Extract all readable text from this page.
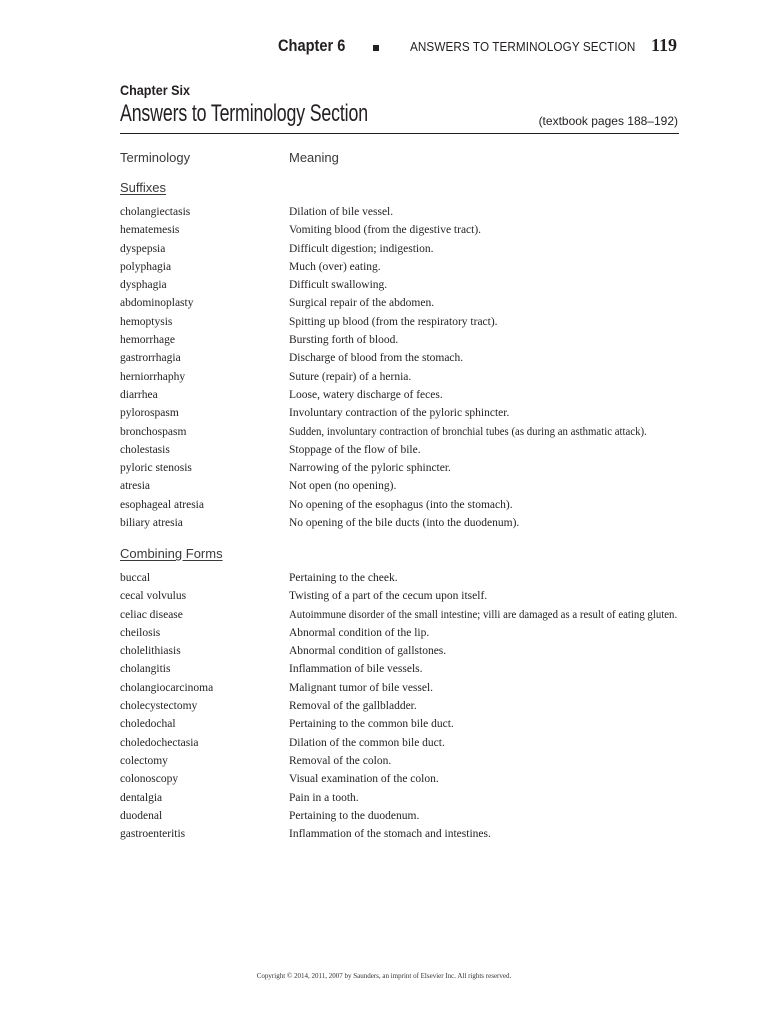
Chapter 6	ANSWERS TO TERMINOLOGY SECTION 119
Chapter Six
Answers to Terminology Section	(textbook pages 188–192)
Terminology	Meaning
Suffixes
cholangiectasis	Dilation of bile vessel.
hematemesis	Vomiting blood (from the digestive tract).
dyspepsia	Difficult digestion; indigestion.
polyphagia	Much (over) eating.
dysphagia	Difficult swallowing.
abdominoplasty	Surgical repair of the abdomen.
hemoptysis	Spitting up blood (from the respiratory tract).
hemorrhage	Bursting forth of blood.
gastrorrhagia	Discharge of blood from the stomach.
herniorrhaphy	Suture (repair) of a hernia.
diarrhea	Loose, watery discharge of feces.
pylorospasm	Involuntary contraction of the pyloric sphincter.
bronchospasm	Sudden, involuntary contraction of bronchial tubes (as during an asthmatic attack).
cholestasis	Stoppage of the flow of bile.
pyloric stenosis	Narrowing of the pyloric sphincter.
atresia	Not open (no opening).
esophageal atresia	No opening of the esophagus (into the stomach).
biliary atresia	No opening of the bile ducts (into the duodenum).
Combining Forms
buccal	Pertaining to the cheek.
cecal volvulus	Twisting of a part of the cecum upon itself.
celiac disease	Autoimmune disorder of the small intestine; villi are damaged as a result of eating gluten.
cheilosis	Abnormal condition of the lip.
cholelithiasis	Abnormal condition of gallstones.
cholangitis	Inflammation of bile vessels.
cholangiocarcinoma	Malignant tumor of bile vessel.
cholecystectomy	Removal of the gallbladder.
choledochal	Pertaining to the common bile duct.
choledochectasia	Dilation of the common bile duct.
colectomy	Removal of the colon.
colonoscopy	Visual examination of the colon.
dentalgia	Pain in a tooth.
duodenal	Pertaining to the duodenum.
gastroenteritis	Inflammation of the stomach and intestines.
Copyright © 2014, 2011, 2007 by Saunders, an imprint of Elsevier Inc. All rights reserved.
